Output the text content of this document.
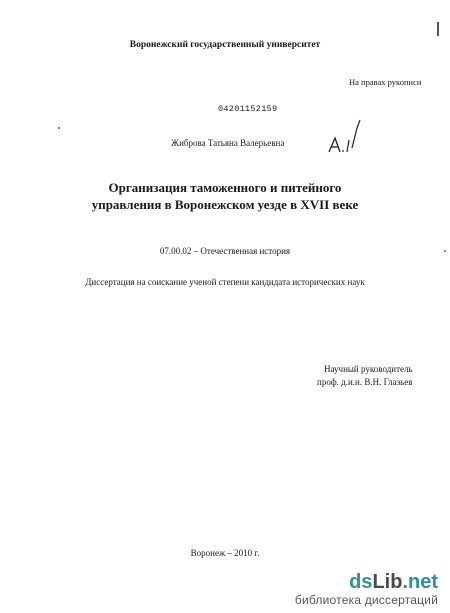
Воронежский государственный университет
На правах рукописи
04201152159
Жиброва Татьяна Валерьевна
Организация таможенного и питейного
управления в Воронежском уезде в XVII веке
07.00.02 – Отечественная история
Диссертация на соискание ученой степени кандидата исторических наук
Научный руководитель
проф. д.и.н. В.Н. Глазьев
Воронеж – 2010 г.
dsLib.net
библиотека диссертаций
